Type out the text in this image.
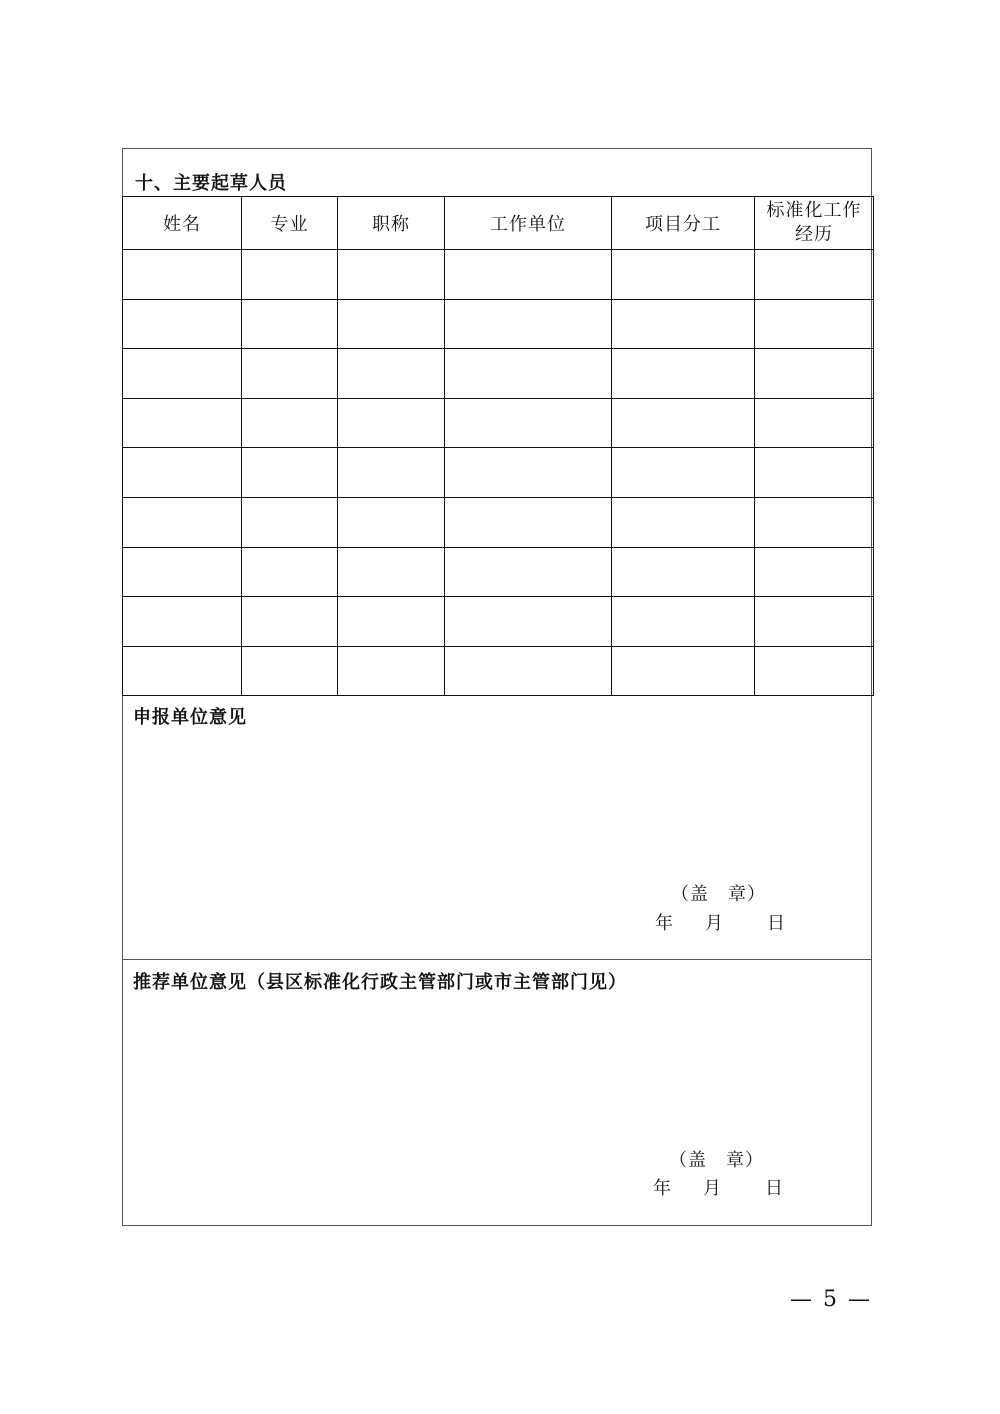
十、主要起草人员
姓名	专业	职称	工作单位	项目分工	标准化工作
经历

申报单位意见
（盖　章）
年	月	日
推荐单位意见（县区标准化行政主管部门或市主管部门见）
（盖　章）
年	月	日
— 5 —
